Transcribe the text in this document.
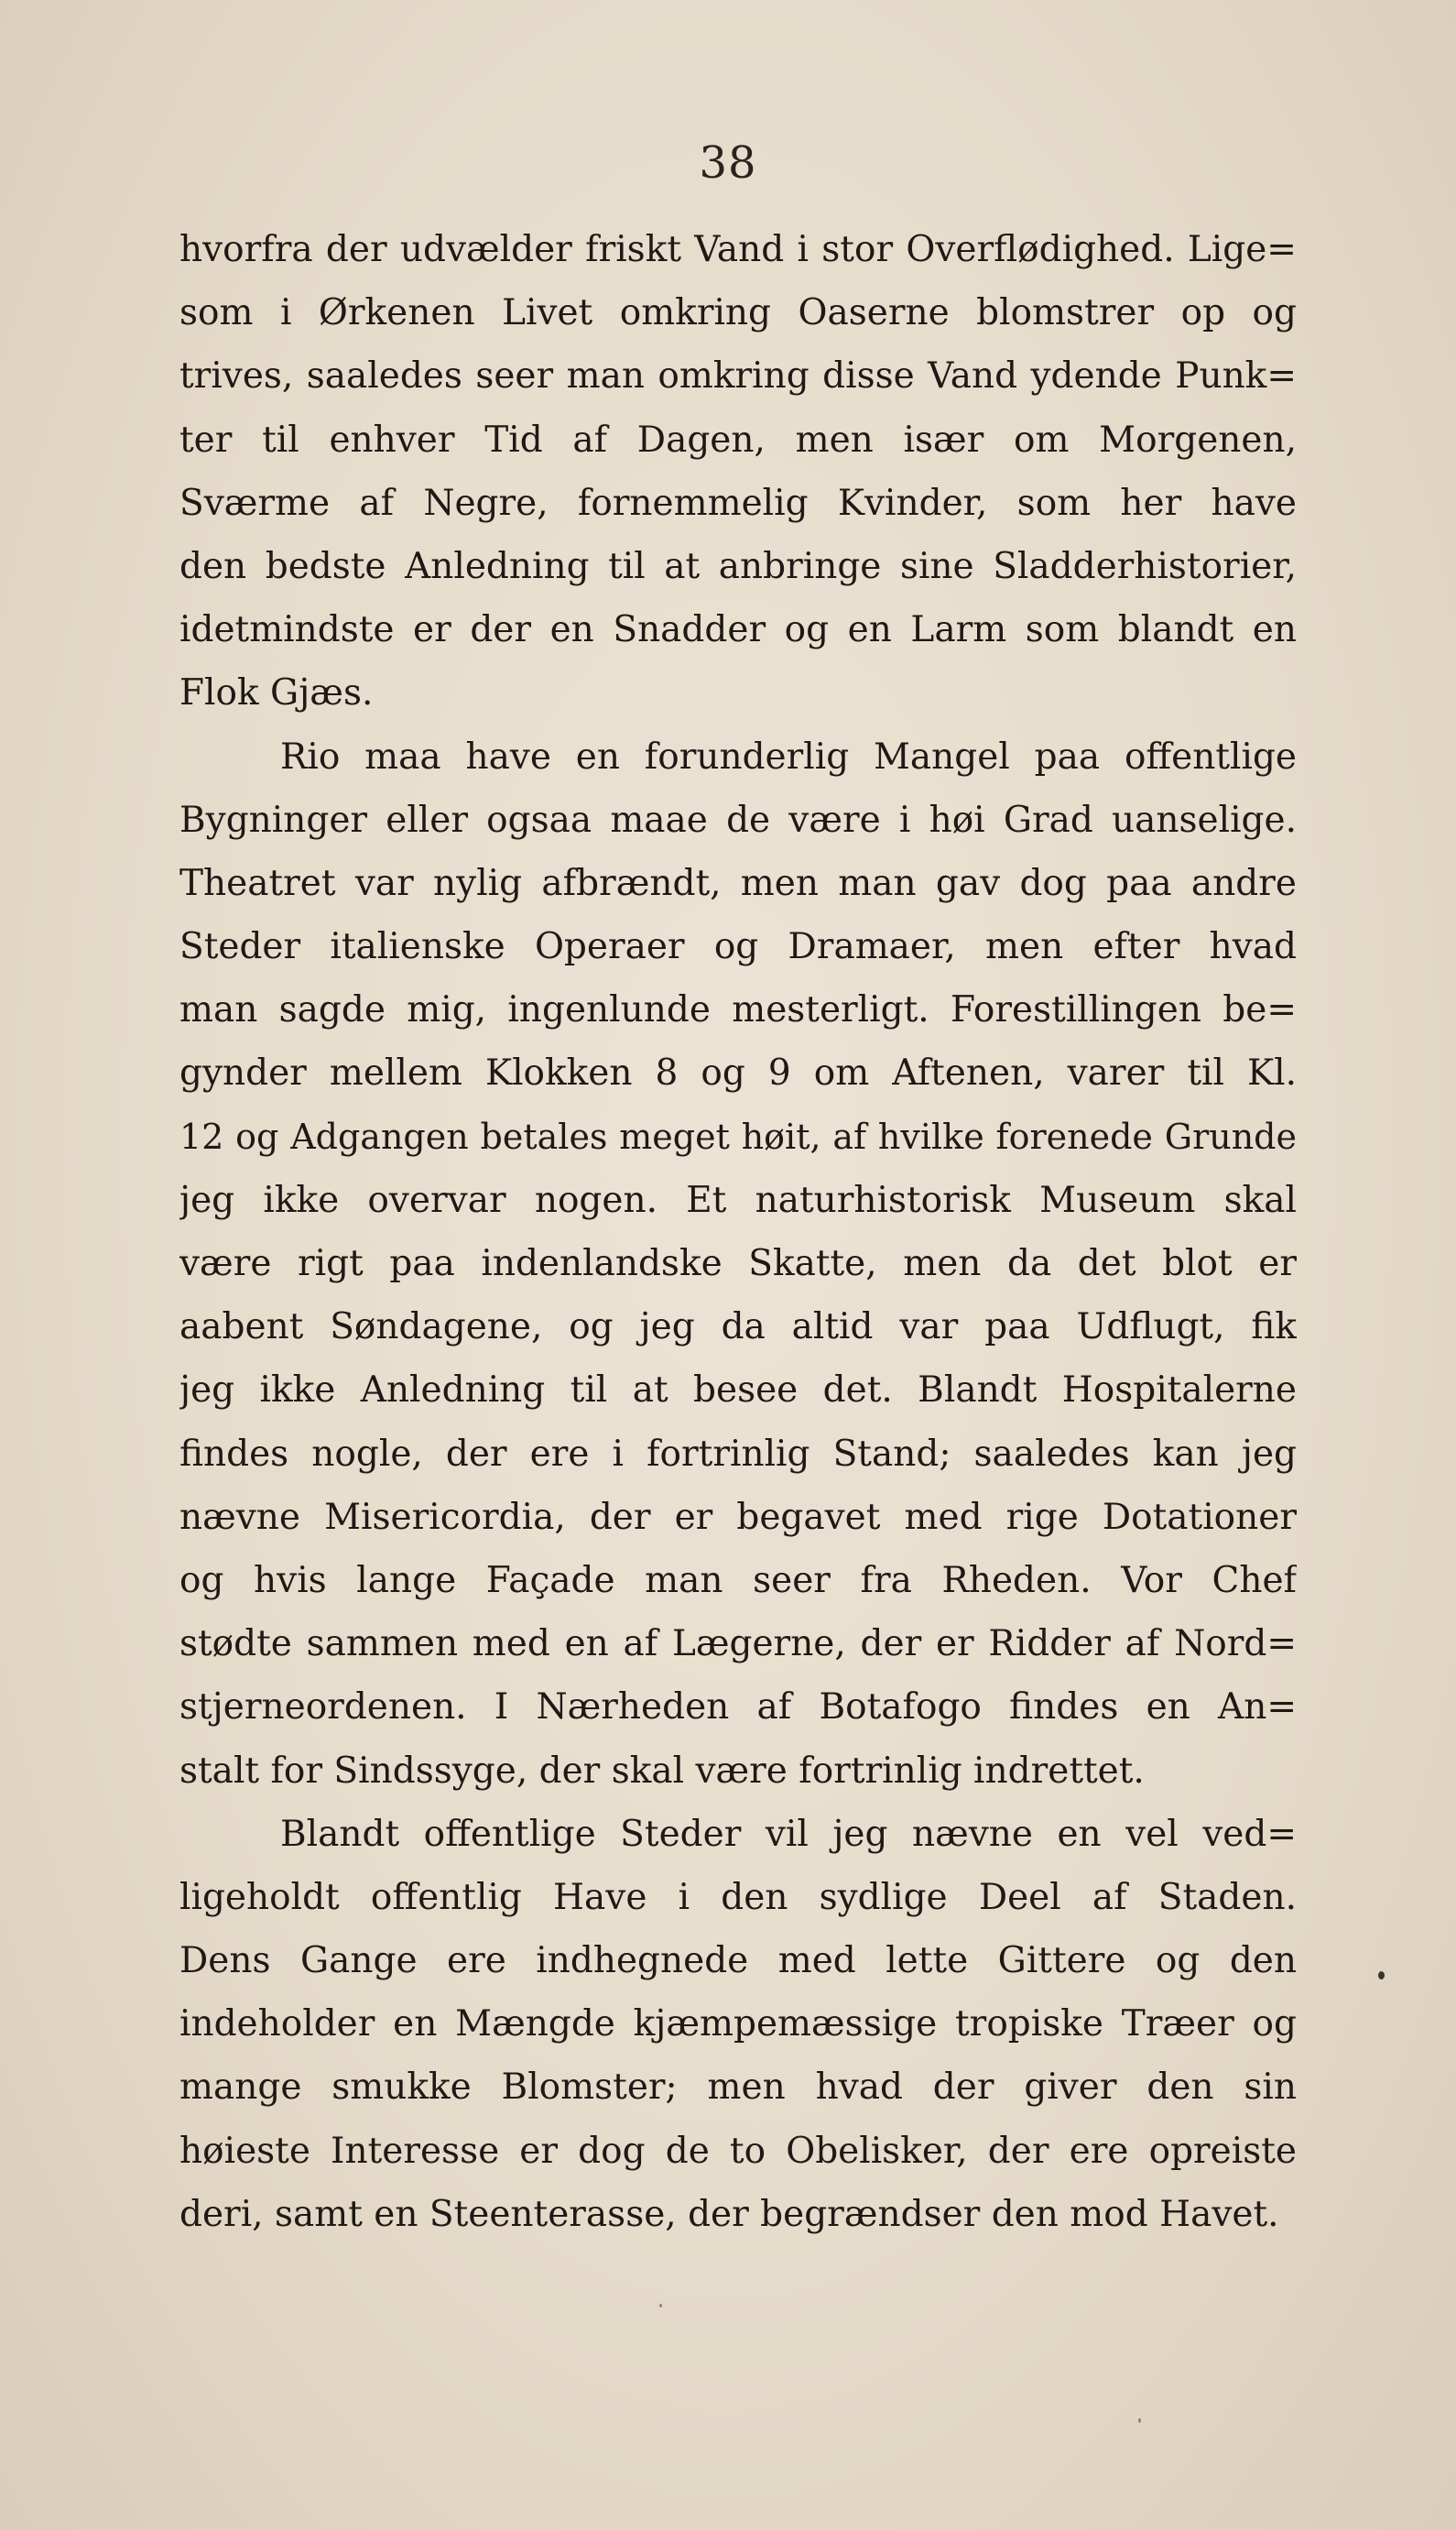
38
hvorfra der udvælder friskt Vand i stor Overflødighed. Lige=
som i Ørkenen Livet omkring Oaserne blomstrer op og
trives, saaledes seer man omkring disse Vand ydende Punk=
ter til enhver Tid af Dagen, men især om Morgenen,
Sværme af Negre, fornemmelig Kvinder, som her have
den bedste Anledning til at anbringe sine Sladderhistorier,
idetmindste er der en Snadder og en Larm som blandt en
Flok Gjæs.
Rio maa have en forunderlig Mangel paa offentlige
Bygninger eller ogsaa maae de være i høi Grad uanselige.
Theatret var nylig afbrændt, men man gav dog paa andre
Steder italienske Operaer og Dramaer, men efter hvad
man sagde mig, ingenlunde mesterligt. Forestillingen be=
gynder mellem Klokken 8 og 9 om Aftenen, varer til Kl.
12 og Adgangen betales meget høit, af hvilke forenede Grunde
jeg ikke overvar nogen. Et naturhistorisk Museum skal
være rigt paa indenlandske Skatte, men da det blot er
aabent Søndagene, og jeg da altid var paa Udflugt, fik
jeg ikke Anledning til at besee det. Blandt Hospitalerne
findes nogle, der ere i fortrinlig Stand; saaledes kan jeg
nævne Misericordia, der er begavet med rige Dotationer
og hvis lange Façade man seer fra Rheden. Vor Chef
stødte sammen med en af Lægerne, der er Ridder af Nord=
stjerneordenen. I Nærheden af Botafogo findes en An=
stalt for Sindssyge, der skal være fortrinlig indrettet.
Blandt offentlige Steder vil jeg nævne en vel ved=
ligeholdt offentlig Have i den sydlige Deel af Staden.
Dens Gange ere indhegnede med lette Gittere og den
indeholder en Mængde kjæmpemæssige tropiske Træer og
mange smukke Blomster; men hvad der giver den sin
høieste Interesse er dog de to Obelisker, der ere opreiste
deri, samt en Steenterasse, der begrændser den mod Havet.
